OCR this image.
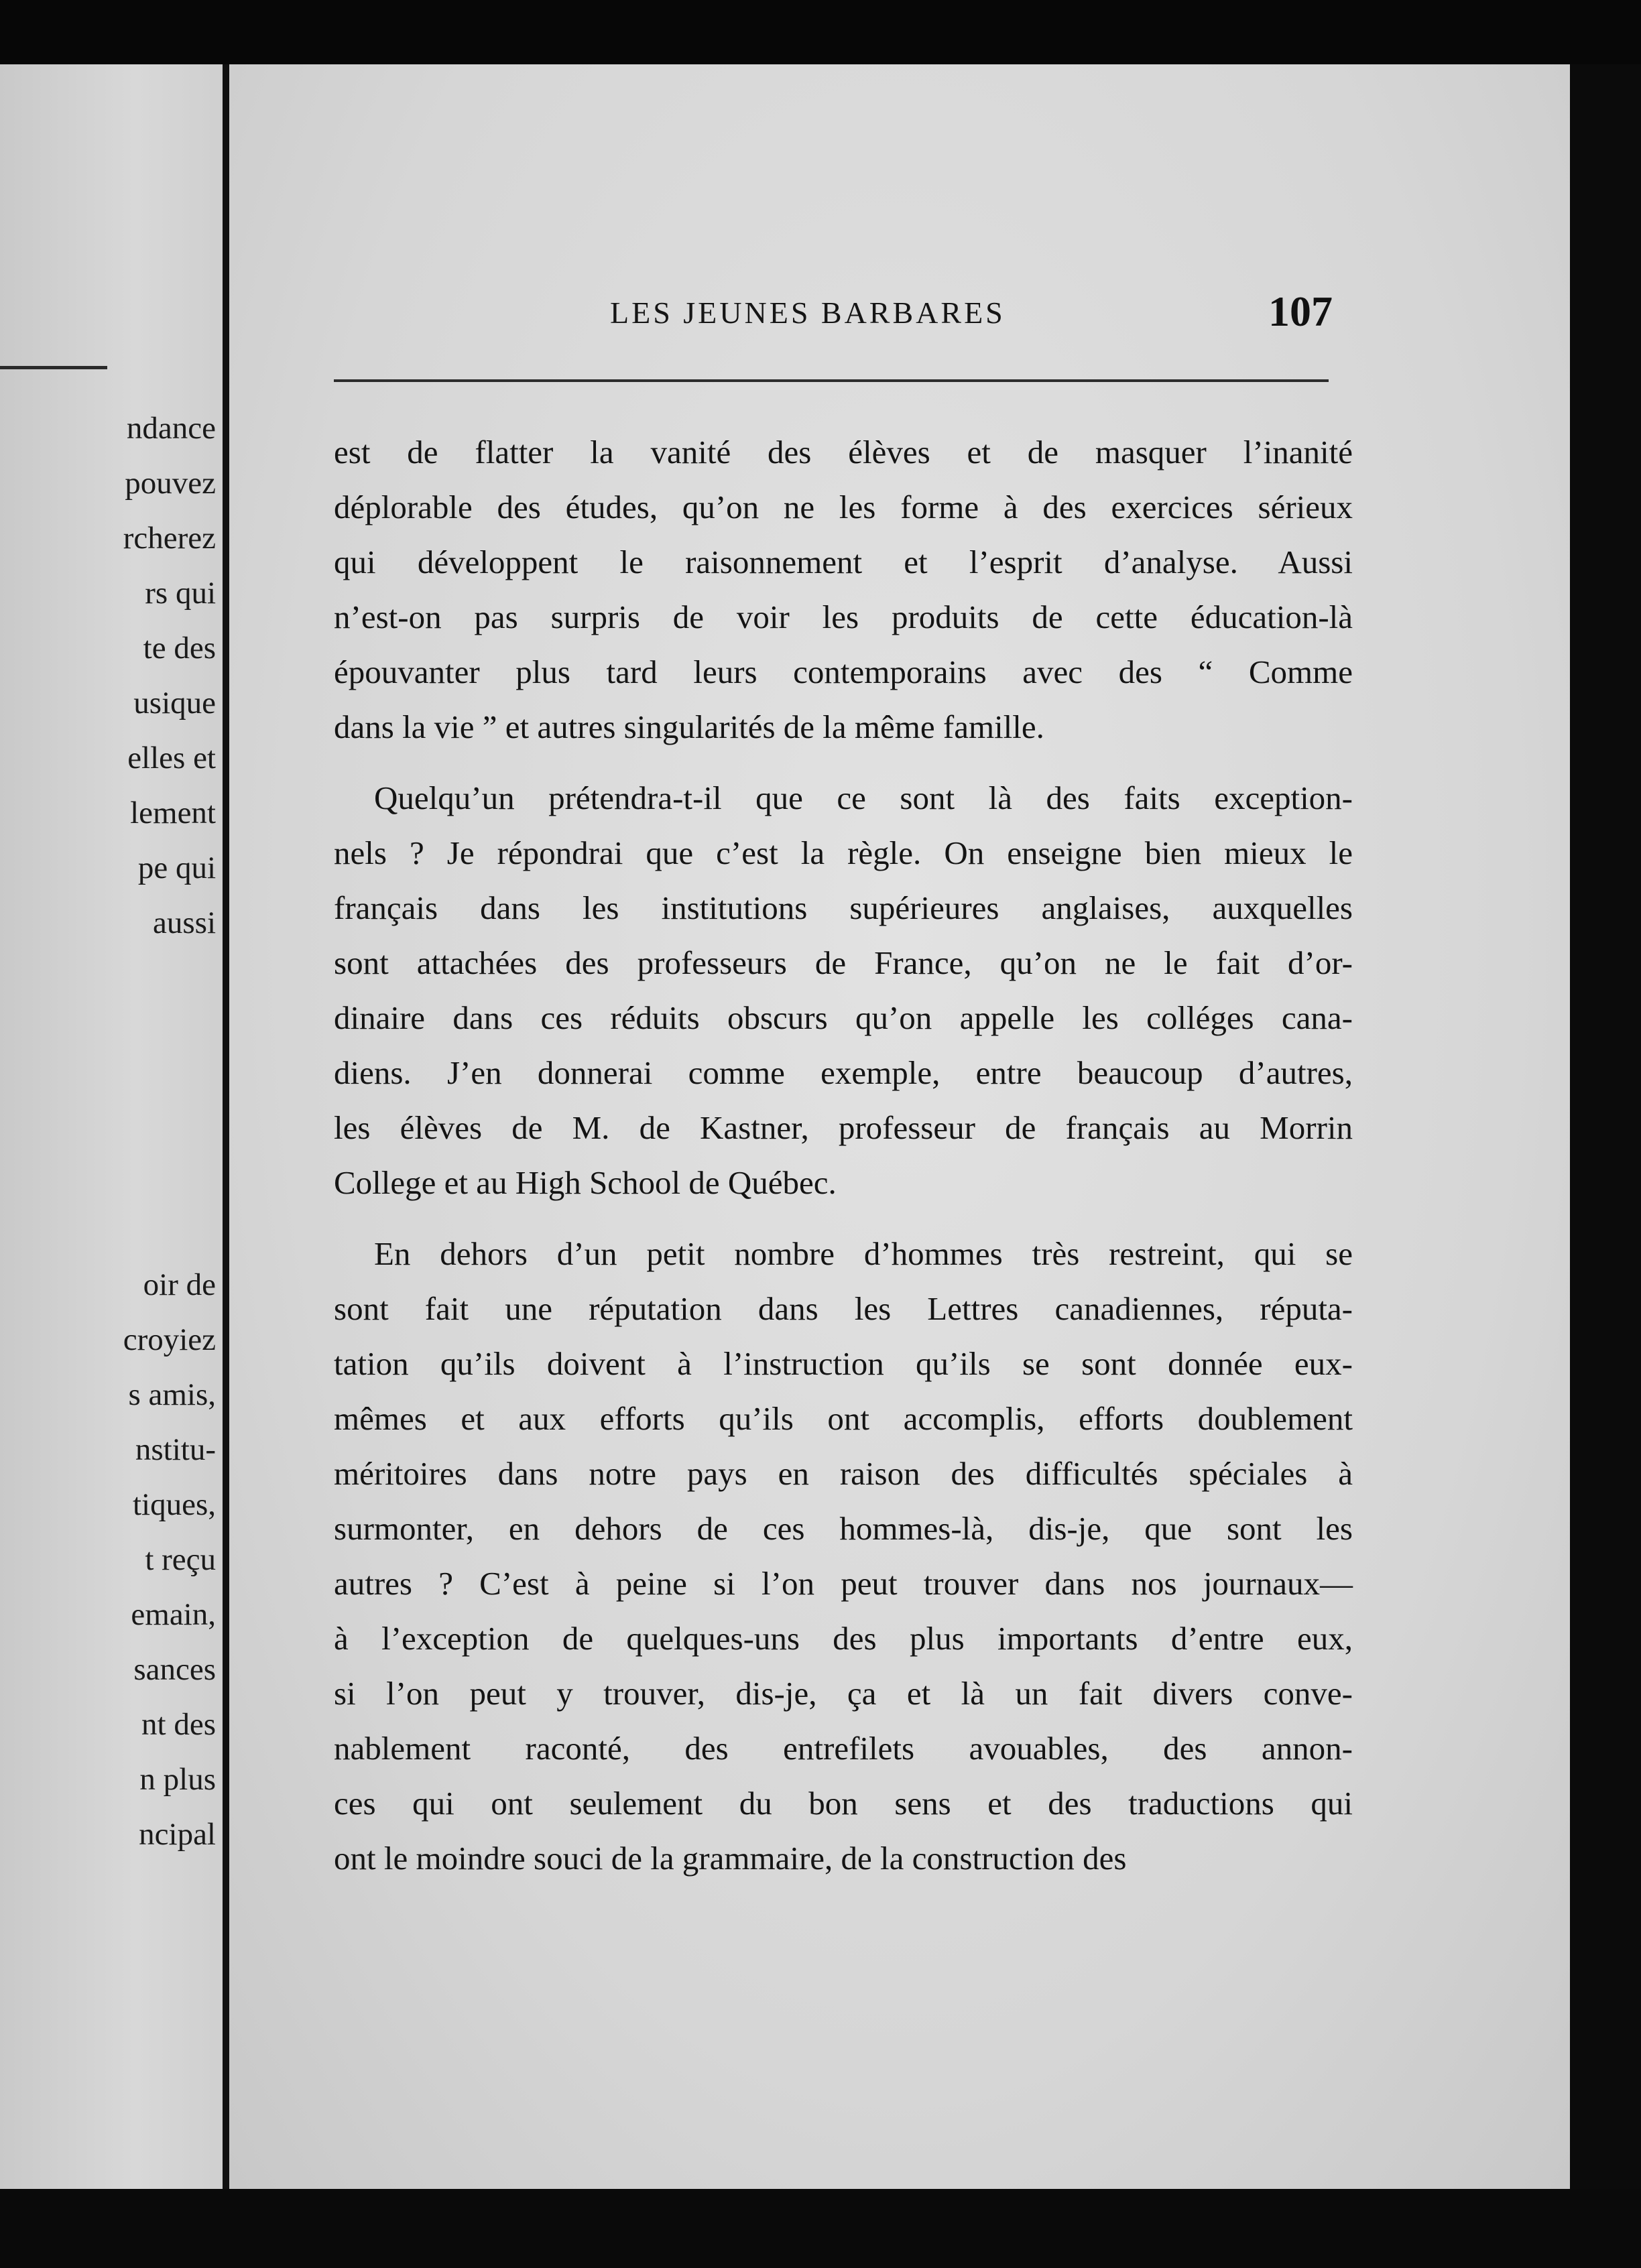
ndance

pouvez

rcherez

rs qui

te des

usique

elles et

lement

pe qui

aussi

oir de

croyiez

s amis,

nstitu-

tiques,

t reçu

emain,

sances

nt des

n plus

ncipal

LES JEUNES BARBARES	107

est de flatter la vanité des élèves et de masquer l’inanité
déplorable des études, qu’on ne les forme à des exercices sérieux
qui développent le raisonnement et l’esprit d’analyse. Aussi
n’est-on pas surpris de voir les produits de cette éducation-là
épouvanter plus tard leurs contemporains avec des “ Comme
dans la vie ” et autres singularités de la même famille.

Quelqu’un prétendra-t-il que ce sont là des faits exception-
nels ? Je répondrai que c’est la règle. On enseigne bien mieux le
français dans les institutions supérieures anglaises, auxquelles
sont attachées des professeurs de France, qu’on ne le fait d’or-
dinaire dans ces réduits obscurs qu’on appelle les colléges cana-
diens. J’en donnerai comme exemple, entre beaucoup d’autres,
les élèves de M. de Kastner, professeur de français au Morrin
College et au High School de Québec.

En dehors d’un petit nombre d’hommes très restreint, qui se
sont fait une réputation dans les Lettres canadiennes, réputa-
tation qu’ils doivent à l’instruction qu’ils se sont donnée eux-
mêmes et aux efforts qu’ils ont accomplis, efforts doublement
méritoires dans notre pays en raison des difficultés spéciales à
surmonter, en dehors de ces hommes-là, dis-je, que sont les
autres ? C’est à peine si l’on peut trouver dans nos journaux—
à l’exception de quelques-uns des plus importants d’entre eux,
si l’on peut y trouver, dis-je, ça et là un fait divers conve-
nablement raconté, des entrefilets avouables, des annon-
ces qui ont seulement du bon sens et des traductions qui
ont le moindre souci de la grammaire, de la construction des
